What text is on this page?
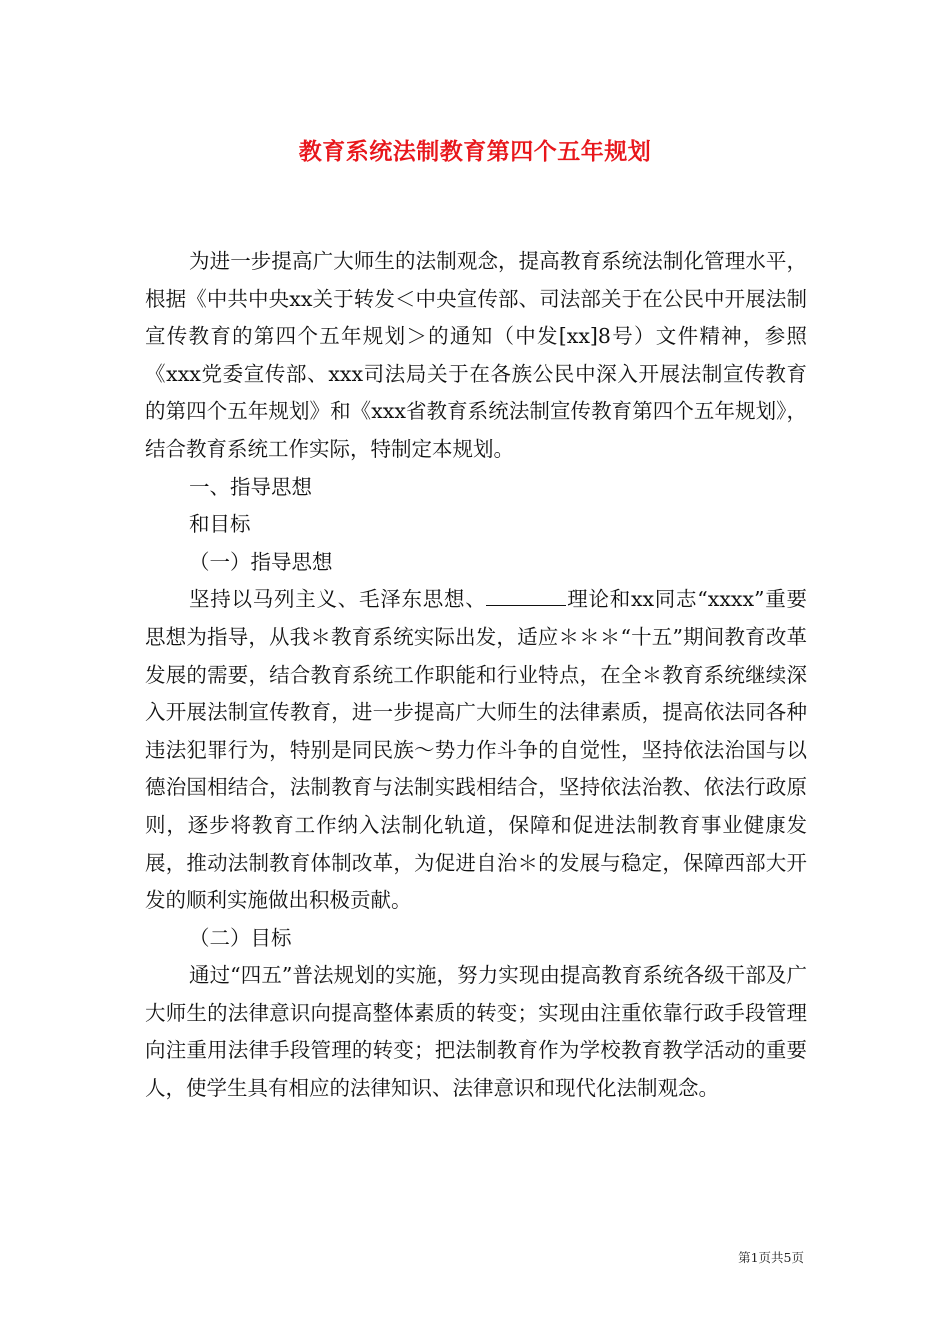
教育系统法制教育第四个五年规划

为进一步提高广大师生的法制观念，提高教育系统法制化管理水平，根据《中共中央xx关于转发＜中央宣传部、司法部关于在公民中开展法制宣传教育的第四个五年规划＞的通知（中发[xx]8号）文件精神，参照《xxx党委宣传部、xxx司法局关于在各族公民中深入开展法制宣传教育的第四个五年规划》和《xxx省教育系统法制宣传教育第四个五年规划》，结合教育系统工作实际，特制定本规划。

一、指导思想

和目标

（一）指导思想

坚持以马列主义、毛泽东思想、	理论和xx同志“xxxx”重要思想为指导，从我＊教育系统实际出发，适应＊＊＊“十五”期间教育改革发展的需要，结合教育系统工作职能和行业特点，在全＊教育系统继续深入开展法制宣传教育，进一步提高广大师生的法律素质，提高依法同各种违法犯罪行为，特别是同民族～势力作斗争的自觉性，坚持依法治国与以德治国相结合，法制教育与法制实践相结合，坚持依法治教、依法行政原则，逐步将教育工作纳入法制化轨道，保障和促进法制教育事业健康发展，推动法制教育体制改革，为促进自治＊的发展与稳定，保障西部大开发的顺利实施做出积极贡献。

（二）目标

通过“四五”普法规划的实施，努力实现由提高教育系统各级干部及广大师生的法律意识向提高整体素质的转变；实现由注重依靠行政手段管理向注重用法律手段管理的转变；把法制教育作为学校教育教学活动的重要人，使学生具有相应的法律知识、法律意识和现代化法制观念。

第1页共5页
